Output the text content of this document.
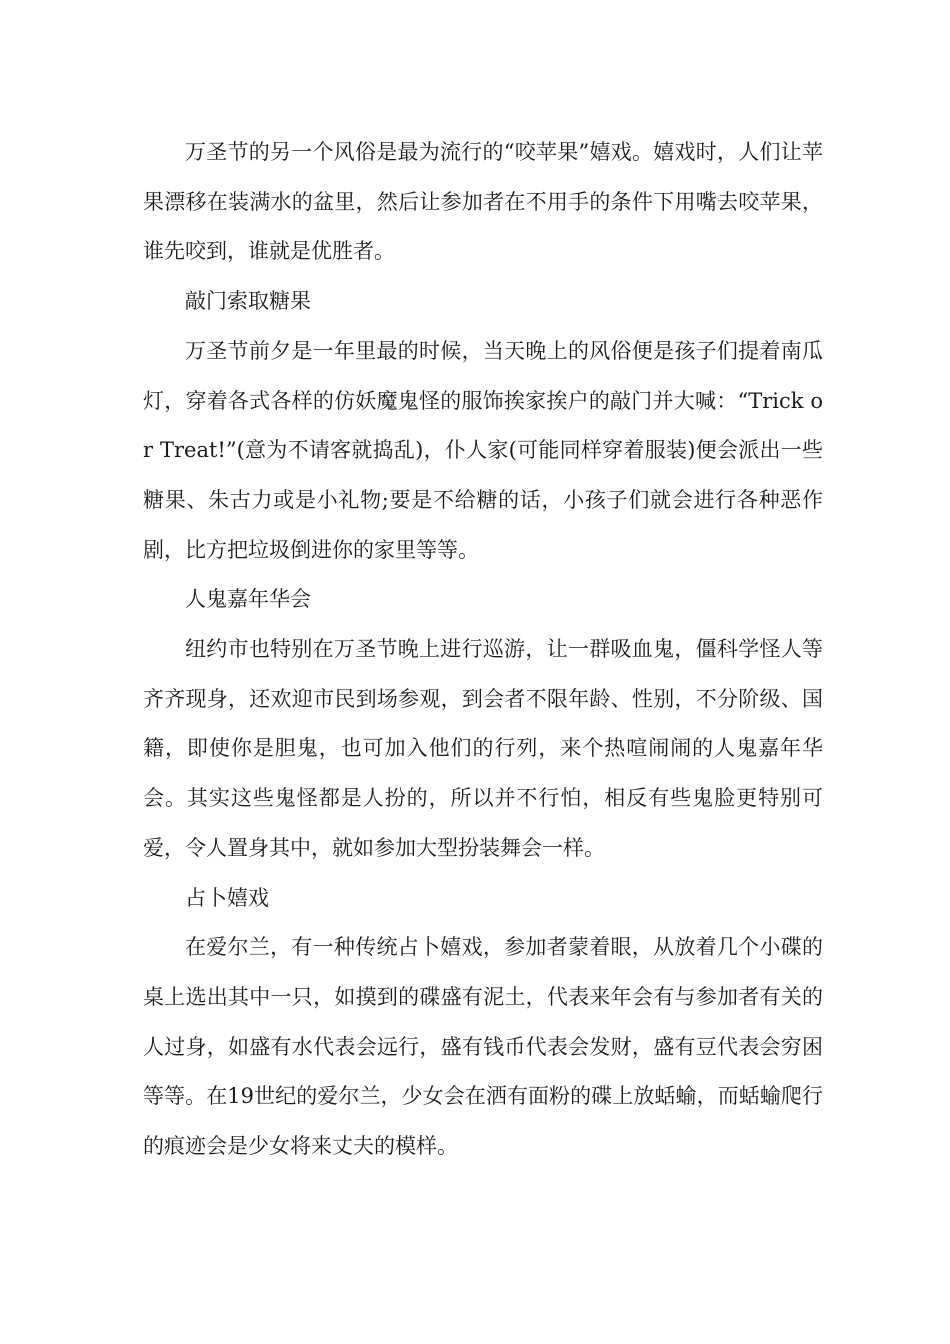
万圣节的另一个风俗是最为流行的“咬苹果”嬉戏。嬉戏时，人们让苹果漂移在装满水的盆里，然后让参加者在不用手的条件下用嘴去咬苹果，谁先咬到，谁就是优胜者。

敲门索取糖果

万圣节前夕是一年里最的时候，当天晚上的风俗便是孩子们提着南瓜灯，穿着各式各样的仿妖魔鬼怪的服饰挨家挨户的敲门并大喊：“Trick or Treat!”(意为不请客就捣乱)，仆人家(可能同样穿着服装)便会派出一些糖果、朱古力或是小礼物;要是不给糖的话，小孩子们就会进行各种恶作剧，比方把垃圾倒进你的家里等等。

人鬼嘉年华会

纽约市也特别在万圣节晚上进行巡游，让一群吸血鬼，僵科学怪人等齐齐现身，还欢迎市民到场参观，到会者不限年龄、性别，不分阶级、国籍，即使你是胆鬼，也可加入他们的行列，来个热喧闹闹的人鬼嘉年华会。其实这些鬼怪都是人扮的，所以并不行怕，相反有些鬼脸更特别可爱，令人置身其中，就如参加大型扮装舞会一样。

占卜嬉戏

在爱尔兰，有一种传统占卜嬉戏，参加者蒙着眼，从放着几个小碟的桌上选出其中一只，如摸到的碟盛有泥土，代表来年会有与参加者有关的人过身，如盛有水代表会远行，盛有钱币代表会发财，盛有豆代表会穷困等等。在19世纪的爱尔兰，少女会在洒有面粉的碟上放蛞蝓，而蛞蝓爬行的痕迹会是少女将来丈夫的模样。
